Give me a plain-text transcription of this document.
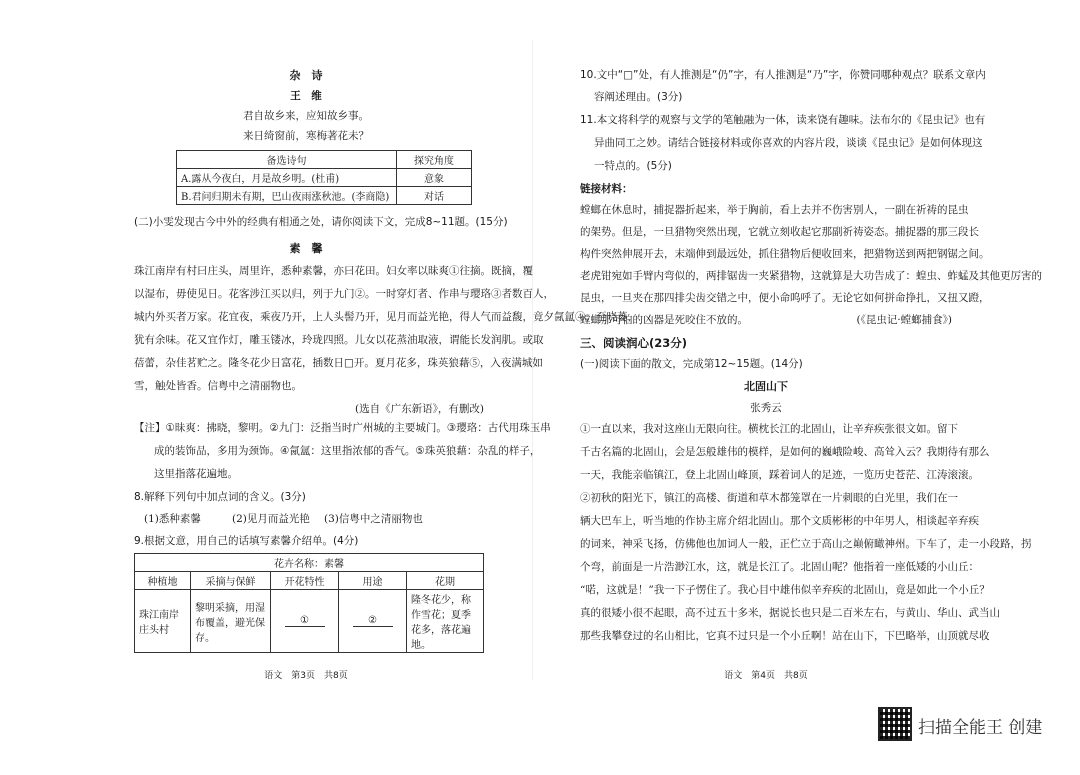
杂　诗
王　维
君自故乡来，应知故乡事。
来日绮窗前，寒梅著花未？
备选诗句	探究角度
A.露从今夜白，月是故乡明。(杜甫)	意象
B.君问归期未有期，巴山夜雨涨秋池。(李商隐)	对话
(二)小雯发现古今中外的经典有相通之处，请你阅读下文，完成8~11题。(15分)
素　馨
珠江南岸有村曰庄头，周里许，悉种素馨，亦曰花田。妇女率以昧爽①往摘。既摘，覆
以湿布，毋使见日。花客涉江买以归，列于九门②。一时穿灯者、作串与璎珞③者数百人，
城内外买者万家。花宜夜，乘夜乃开，上人头髻乃开，见月而益光艳，得人气而益馥，竟夕氤氲④，至晓萎，
犹有余味。花又宜作灯，雕玉镂冰，玲珑四照。儿女以花蒸油取液，谓能长发润肌。或取
蓓蕾，杂佳茗贮之。隆冬花少日富花，插数日□开。夏月花多，珠英狼藉⑤，入夜满城如
雪，触处皆香。信粤中之清丽物也。
(选自《广东新语》，有删改)
【注】①昧爽：拂晓，黎明。②九门：泛指当时广州城的主要城门。③璎珞：古代用珠玉串
成的装饰品，多用为颈饰。④氤氲：这里指浓郁的香气。⑤珠英狼藉：杂乱的样子，
这里指落花遍地。
8.解释下列句中加点词的含义。(3分)
(1)悉种素馨	(2)见月而益光艳 (3)信粤中之清丽物也
9.根据文意，用自己的话填写素馨介绍单。(4分)
花卉名称：素馨				
种植地	采摘与保鲜	开花特性	用途	花期
珠江南岸庄头村	黎明采摘，用湿布覆盖，避光保存。	①	②	隆冬花少，称作雪花；夏季花多，落花遍地。
语文　第3页　共8页
10.文中“□”处，有人推测是“仍”字，有人推测是“乃”字，你赞同哪种观点？联系文章内
容阐述理由。(3分)
11.本文将科学的观察与文学的笔触融为一体，读来饶有趣味。法布尔的《昆虫记》也有
异曲同工之妙。请结合链接材料或你喜欢的内容片段，谈谈《昆虫记》是如何体现这
一特点的。(5分)
链接材料：
螳螂在休息时，捕捉器折起来，举于胸前，看上去并不伤害别人，一副在祈祷的昆虫
的架势。但是，一旦猎物突然出现，它就立刻收起它那副祈祷姿态。捕捉器的那三段长
构件突然伸展开去，末端伸到最远处，抓住猎物后便收回来，把猎物送到两把钢锯之间。
老虎钳宛如手臂内弯似的，两排锯齿一夹紧猎物，这就算是大功告成了：蝗虫、蚱蜢及其他更厉害的
昆虫，一旦夹在那四排尖齿交错之中，便小命呜呼了。无论它如何拼命挣扎，又扭又蹬，
螳螂那可怕的凶器是死咬住不放的。	(《昆虫记·螳螂捕食》)
三、阅读润心(23分)
(一)阅读下面的散文，完成第12~15题。(14分)
北固山下
张秀云
①一直以来，我对这座山无限向往。横枕长江的北固山，让辛弃疾张很文如。留下
千古名篇的北固山，会是怎般雄伟的模样，是如何的巍峨险峻、高耸入云？我期待有那么
一天，我能亲临镇江，登上北固山峰顶，踩着词人的足迹，一览历史苍茫、江涛滚滚。
②初秋的阳光下，镇江的高楼、街道和草木都笼罩在一片刺眼的白光里，我们在一
辆大巴车上，听当地的作协主席介绍北固山。那个文质彬彬的中年男人，相谈起辛弃疾
的词来，神采飞扬，仿佛他也加词人一般，正伫立于高山之巅俯瞰神州。下车了，走一小段路，拐
个弯，前面是一片浩渺江水，这，就是长江了。北固山呢？他指着一座低矮的小山丘：
“喏，这就是！”我一下子愣住了。我心目中雄伟似辛弃疾的北固山，竟是如此一个小丘？
真的很矮小很不起眼，高不过五十多米，据说长也只是二百米左右，与黄山、华山、武当山
那些我攀登过的名山相比，它真不过只是一个小丘啊！站在山下，下巴略举，山顶就尽收
语文　第4页　共8页
扫描全能王 创建
